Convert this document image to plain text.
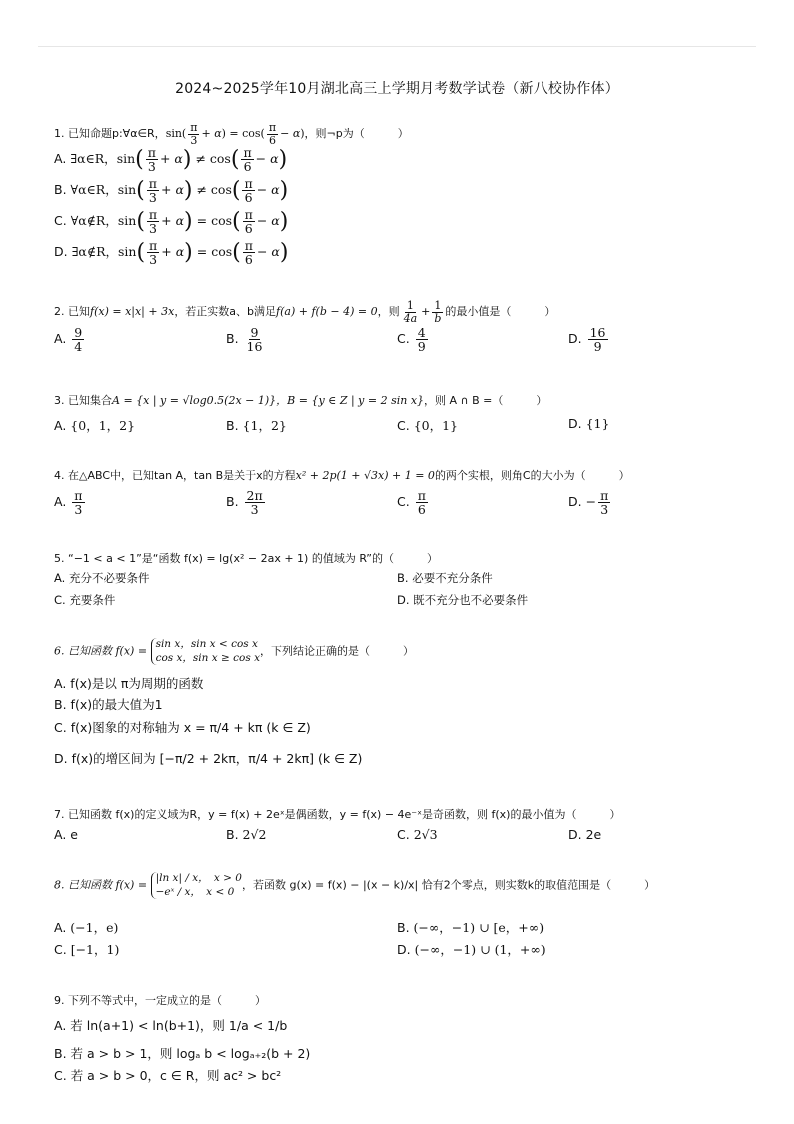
2024~2025学年10月湖北高三上学期月考数学试卷（新八校协作体）
1. 已知命题p:∀α∈R，$\sin( \frac{\pi}{3} + \alpha) = \cos( \frac{\pi}{6} - \alpha)$，则¬p为（　　　）
A. ∃α∈R，$\sin( \frac{\pi}{3} + \alpha) \ne \cos( \frac{\pi}{6} - \alpha)$
B. ∀α∈R，$\sin( \frac{\pi}{3} + \alpha) \ne \cos( \frac{\pi}{6} - \alpha)$
C. ∀α∉R，$\sin( \frac{\pi}{3} + \alpha) = \cos( \frac{\pi}{6} - \alpha)$
D. ∃α∉R，$\sin( \frac{\pi}{3} + \alpha) = \cos( \frac{\pi}{6} - \alpha)$
2. 已知f(x) = x|x| + 3x，若正实数a、b满足f(a) + f(b − 4) = 0，则 $\frac{1}{4a} + \frac{1}{b}$ 的最小值是（　　　）
A. $\frac{9}{4}$	B. $\frac{9}{16}$	C. $\frac{4}{9}$	D. $\frac{16}{9}$
3. 已知集合A = {x | y = √log0.5(2x − 1)}，B = {y ∈ Z | y = 2 sin x}，则 A ∩ B =（　　　）
A. {0，1，2}	B. {1，2}	C. {0，1}	D. {1}
4. 在△ABC中，已知tan A，tan B是关于x的方程x² + 2p(1 + √3x) + 1 = 0的两个实根，则角C的大小为（　　　）
A. $\frac{\pi}{3}$	B. $\frac{2\pi}{3}$	C. $\frac{\pi}{6}$	D. − $\frac{\pi}{3}$
5. “−1 < a < 1”是“函数 f(x) = lg(x² − 2ax + 1) 的值域为 R”的（　　　）
A. 充分不必要条件	B. 必要不充分条件
C. 充要条件	D. 既不充分也不必要条件
6. 已知函数 f(x) =
sin x，sin x < cos x
cos x，sin x ≥ cos x ，下列结论正确的是（　　　）
A. f(x)是以 π为周期的函数
B. f(x)的最大值为1
C. f(x)图象的对称轴为 x = π/4 + kπ (k ∈ Z)
D. f(x)的增区间为 [−π/2 + 2kπ，π/4 + 2kπ] (k ∈ Z)
7. 已知函数 f(x)的定义域为R，y = f(x) + 2eˣ是偶函数，y = f(x) − 4e⁻ˣ是奇函数，则 f(x)的最小值为（　　　）
A. e	B. 2√2	C. 2√3	D. 2e
8. 已知函数 f(x) =
|ln x| / x，　x > 0
−eˣ / x，　x < 0 ，若函数 g(x) = f(x) − |(x − k)/x| 恰有2个零点，则实数k的取值范围是（　　　）
A. (−1，e)	B. (−∞，−1) ∪ [e，+∞)
C. [−1，1)	D. (−∞，−1) ∪ (1，+∞)
9. 下列不等式中，一定成立的是（　　　）
A. 若 ln(a+1) < ln(b+1)，则 1/a < 1/b
B. 若 a > b > 1，则 logₐ b < logₐ₊₂(b + 2)
C. 若 a > b > 0，c ∈ R，则 ac² > bc²
